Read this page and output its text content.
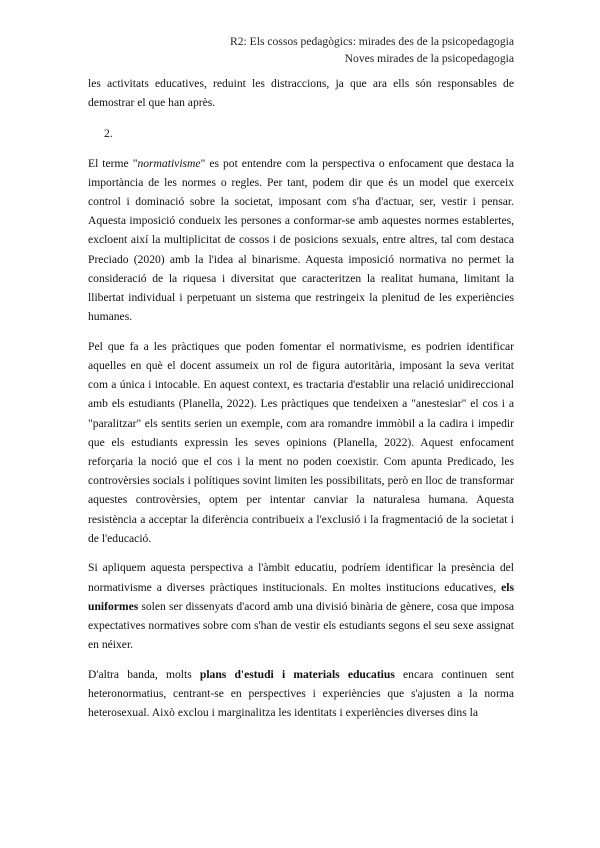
R2: Els cossos pedagògics: mirades des de la psicopedagogia
Noves mirades de la psicopedagogia

les activitats educatives, reduint les distraccions, ja que ara ells són responsables de demostrar el que han après.

2.

El terme "normativisme" es pot entendre com la perspectiva o enfocament que destaca la importància de les normes o regles. Per tant, podem dir que és un model que exerceix control i dominació sobre la societat, imposant com s'ha d'actuar, ser, vestir i pensar. Aquesta imposició condueix les persones a conformar-se amb aquestes normes establertes, excloent així la multiplicitat de cossos i de posicions sexuals, entre altres, tal com destaca Preciado (2020) amb la l'idea al binarisme. Aquesta imposició normativa no permet la consideració de la riquesa i diversitat que caracteritzen la realitat humana, limitant la llibertat individual i perpetuant un sistema que restringeix la plenitud de les experiències humanes.

Pel que fa a les pràctiques que poden fomentar el normativisme, es podrien identificar aquelles en què el docent assumeix un rol de figura autoritària, imposant la seva veritat com a única i intocable. En aquest context, es tractaria d'establir una relació unidireccional amb els estudiants (Planella, 2022). Les pràctiques que tendeixen a "anestesiar" el cos i a "paralitzar" els sentits serien un exemple, com ara romandre immòbil a la cadira i impedir que els estudiants expressin les seves opinions (Planella, 2022). Aquest enfocament reforçaria la noció que el cos i la ment no poden coexistir. Com apunta Predicado, les controvèrsies socials i polítiques sovint limiten les possibilitats, però en lloc de transformar aquestes controvèrsies, optem per intentar canviar la naturalesa humana. Aquesta resistència a acceptar la diferència contribueix a l'exclusió i la fragmentació de la societat i de l'educació.

Si apliquem aquesta perspectiva a l'àmbit educatiu, podríem identificar la presència del normativisme a diverses pràctiques institucionals. En moltes institucions educatives, els uniformes solen ser dissenyats d'acord amb una divisió binària de gènere, cosa que imposa expectatives normatives sobre com s'han de vestir els estudiants segons el seu sexe assignat en néixer.

D'altra banda, molts plans d'estudi i materials educatius encara continuen sent heteronormatius, centrant-se en perspectives i experiències que s'ajusten a la norma heterosexual. Això exclou i marginalitza les identitats i experiències diverses dins la
